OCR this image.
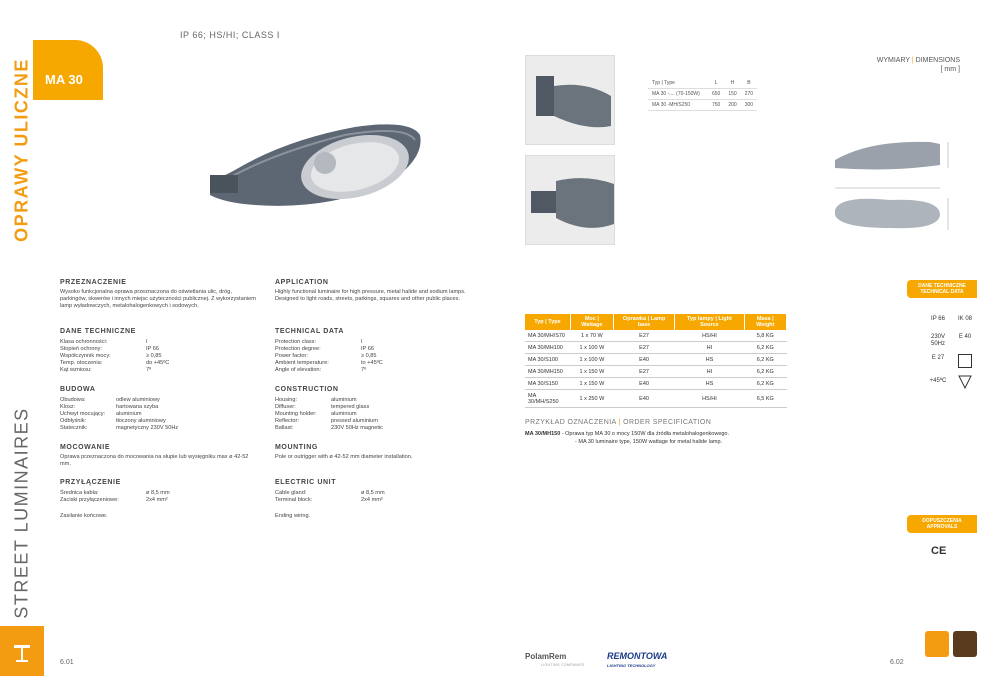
OPRAWY ULICZNE
STREET LUMINAIRES
MA 30
IP 66; HS/HI; CLASS I
Typ | Type	L	H	B
MA 30 -.... (70-150W)	650	150	270
MA 30 -MH/S250	750	200	300
WYMIARY | DIMENSIONS
[ mm ]
PRZEZNACZENIE
Wysoko funkcjonalna oprawa przeznaczona do oświetlania ulic, dróg, parkingów, skwerów i innych miejsc użyteczności publicznej. Z wykorzystaniem lamp wyładowczych, metalohalogenkowych i sodowych.
DANE TECHNICZNE
Klasa ochronności:	I
Stopień ochrony:	IP 66
Współczynnik mocy:	≥ 0,85
Temp. otoczenia:	do +45ºC
Kąt wzniosu:	7º
BUDOWA
Obudowa:	odlew aluminiowy
Klosz:	hartowana szyba
Uchwyt mocujący:	aluminium
Odbłyśnik:	tłoczony aluminiowy
Statecznik:	magnetyczny 230V 50Hz
MOCOWANIE
Oprawa przeznaczona do mocowania na słupie lub wysięgniku max ø 42-52 mm.
PRZYŁĄCZENIE
Średnica kabla:	ø 8,5 mm
Zaciski przyłączeniowe:	2x4 mm²
Zasilanie końcowe.
APPLICATION
Highly functional luminaire for high pressure, metal halide and sodium lamps. Designed to light roads, streets, parkings, squares and other public places.
TECHNICAL DATA
Protection class:	I
Protection degree:	IP 66
Power factor:	≥ 0,85
Ambient temperature:	to +45ºC
Angle of elevation:	7º
CONSTRUCTION
Housing:	aluminium
Diffuser:	tempered glass
Mounting holder:	aluminium
Reflector:	pressed aluminium
Ballast:	230V 50Hz magnetic
MOUNTING
Pole or outrigger with ø 42-52 mm diameter installation.
ELECTRIC UNIT
Cable gland:	ø 8,5 mm
Terminal block:	2x4 mm²
Ending wiring.
Typ | Type	Moc | Wattage	Oprawka | Lamp base	Typ lampy | Light Source	Masa | Weight
MA 30/MH/S70	1 x 70 W	E27	HS/HI	5,8 KG
MA 30/MH100	1 x 100 W	E27	HI	6,2 KG
MA 30/S100	1 x 100 W	E40	HS	6,2 KG
MA 30/MH150	1 x 150 W	E27	HI	6,2 KG
MA 30/S150	1 x 150 W	E40	HS	6,2 KG
MA 30/MH/S250	1 x 250 W	E40	HS/HI	6,5 KG
PRZYKŁAD OZNACZENIA | ORDER SPECIFICATION
MA 30/MH150 - Oprawa typ MA 30 o mocy 150W dla źródła metalohalogenkowego.
- MA 30 luminaire type, 150W wattage for metal halide lamp.
DANE TECHNICZNE TECHNICAL DATA
IP 66	IK 08
230V 50Hz
E 40
E 27
+45ºC
DOPUSZCZENIA APPROVALS
CE
6.01	6.02
PolamRem
LIGHTING COMPANIES
REMONTOWA
LIGHTING TECHNOLOGY
